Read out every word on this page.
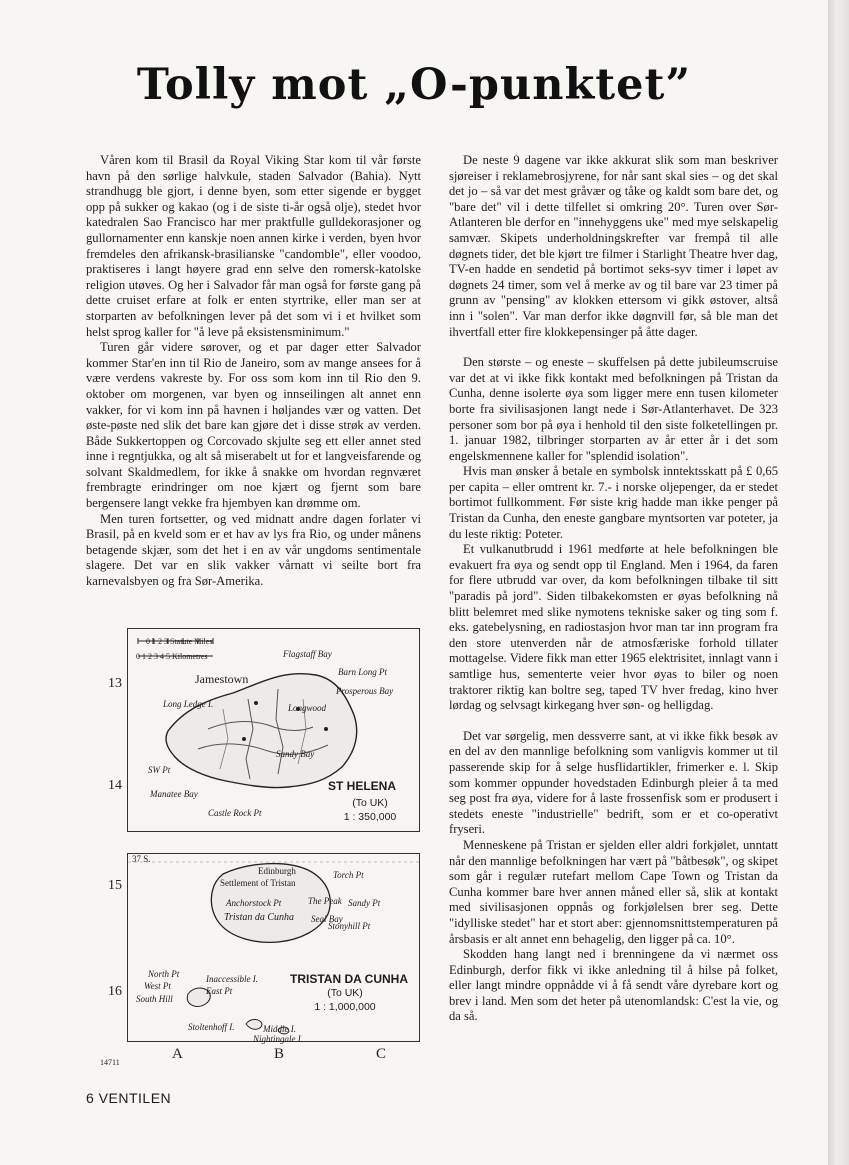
Tolly mot „O-punktet”

Våren kom til Brasil da Royal Viking Star kom til vår første havn på den sørlige halvkule, staden Salvador (Bahia). Nytt strandhugg ble gjort, i denne byen, som etter sigende er bygget opp på sukker og kakao (og i de siste ti-år også olje), stedet hvor katedralen Sao Francisco har mer praktfulle gulldekorasjoner og gullornamenter enn kanskje noen annen kirke i verden, byen hvor fremdeles den afrikansk-brasilianske "candomble", eller voodoo, praktiseres i langt høyere grad enn selve den romersk-katolske religion utøves. Og her i Salvador får man også for første gang på dette cruiset erfare at folk er enten styrtrike, eller man ser at storparten av befolkningen lever på det som vi i et hvilket som helst sprog kaller for "å leve på eksistensminimum."

Turen går videre sørover, og et par dager etter Salvador kommer Star'en inn til Rio de Janeiro, som av mange ansees for å være verdens vakreste by. For oss som kom inn til Rio den 9. oktober om morgenen, var byen og innseilingen alt annet enn vakker, for vi kom inn på havnen i høljandes vær og vatten. Det øste-pøste ned slik det bare kan gjøre det i disse strøk av verden. Både Sukkertoppen og Corcovado skjulte seg ett eller annet sted inne i regntjukka, og alt så miserabelt ut for et langveisfarende og solvant Skaldmedlem, for ikke å snakke om hvordan regnværet frembragte erindringer om noe kjært og fjernt som bare bergensere langt vekke fra hjembyen kan drømme om.

Men turen fortsetter, og ved midnatt andre dagen forlater vi Brasil, på en kveld som er et hav av lys fra Rio, og under månens betagende skjær, som det het i en av vår ungdoms sentimentale slagere. Det var en slik vakker vårnatt vi seilte bort fra karnevalsbyen og fra Sør-Amerika.

De neste 9 dagene var ikke akkurat slik som man beskriver sjøreiser i reklamebrosjyrene, for når sant skal sies – og det skal det jo – så var det mest gråvær og tåke og kaldt som bare det, og "bare det" vil i dette tilfellet si omkring 20°. Turen over Sør-Atlanteren ble derfor en "innehyggens uke" med mye selskapelig samvær. Skipets underholdningskrefter var frempå til alle døgnets tider, det ble kjørt tre filmer i Starlight Theatre hver dag, TV-en hadde en sendetid på bortimot seks-syv timer i løpet av døgnets 24 timer, som vel å merke av og til bare var 23 timer på grunn av "pensing" av klokken ettersom vi gikk østover, altså inn i "solen". Var man derfor ikke døgnvill før, så ble man det ihvertfall etter fire klokkepensinger på åtte dager.

Den største – og eneste – skuffelsen på dette jubileumscruise var det at vi ikke fikk kontakt med befolkningen på Tristan da Cunha, denne isolerte øya som ligger mere enn tusen kilometer borte fra sivilisasjonen langt nede i Sør-Atlanterhavet. De 323 personer som bor på øya i henhold til den siste folketellingen pr. 1. januar 1982, tilbringer storparten av år etter år i det som engelskmennene kaller for "splendid isolation".

Hvis man ønsker å betale en symbolsk inntektsskatt på £ 0,65 per capita – eller omtrent kr. 7.- i norske oljepenger, da er stedet bortimot fullkomment. Før siste krig hadde man ikke penger på Tristan da Cunha, den eneste gangbare myntsorten var poteter, ja du leste riktig: Poteter.

Et vulkanutbrudd i 1961 medførte at hele befolkningen ble evakuert fra øya og sendt opp til England. Men i 1964, da faren for flere utbrudd var over, da kom befolkningen tilbake til sitt "paradis på jord". Siden tilbakekomsten er øyas befolkning nå blitt belemret med slike nymotens tekniske saker og ting som f. eks. gatebelysning, en radiostasjon hvor man tar inn program fra den store utenverden når de atmosfæriske forhold tillater mottagelse. Videre fikk man etter 1965 elektrisitet, innlagt vann i samtlige hus, sementerte veier hvor øyas to biler og noen traktorer riktig kan boltre seg, taped TV hver fredag, kino hver lørdag og selvsagt kirkegang hver søn- og helligdag.

Det var sørgelig, men dessverre sant, at vi ikke fikk besøk av en del av den mannlige befolkning som vanligvis kommer ut til passerende skip for å selge husflidartikler, frimerker e. l. Skip som kommer oppunder hovedstaden Edinburgh pleier å ta med seg post fra øya, videre for å laste frossenfisk som er produsert i stedets eneste "industrielle" bedrift, som er et co-operativt fryseri.

Menneskene på Tristan er sjelden eller aldri forkjølet, unntatt når den mannlige befolkningen har vært på "båtbesøk", og skipet som går i regulær rutefart mellom Cape Town og Tristan da Cunha kommer bare hver annen måned eller så, slik at kontakt med sivilisasjonen oppnås og forkjølelsen brer seg. Dette "idylliske stedet" har et stort aber: gjennomsnittstemperaturen på årsbasis er alt annet enn behagelig, den ligger på ca. 10°.

Skodden hang langt ned i brenningene da vi nærmet oss Edinburgh, derfor fikk vi ikke anledning til å hilse på folket, eller langt mindre oppnådde vi å få sendt våre dyrebare kort og brev i land. Men som det heter på utenomlandsk: C'est la vie, og da så.

0 1 2 3 Statute Miles
0 1 2 3 4 5 Kilometres
Jamestown
Flagstaff Bay
Barn Long Pt
Prosperous Bay
Longwood
Long Ledge I.
SW Pt
Sandy Bay
Manatee Bay
Castle Rock Pt
ST HELENA
(To UK)
1 : 350,000
37 S.
Edinburgh
Settlement of Tristan
Torch Pt
The Peak Sandy Pt
Anchorstock Pt
Tristan da Cunha Seal Bay
Stonyhill Pt
North Pt
West Pt
South Hill
Inaccessible I.
East Pt
Stoltenhoff I.	Middle I.
Nightingale I.
TRISTAN DA CUNHA
(To UK)
1 : 1,000,000
13
14
15
16
A	B	C
14711
6 VENTILEN
